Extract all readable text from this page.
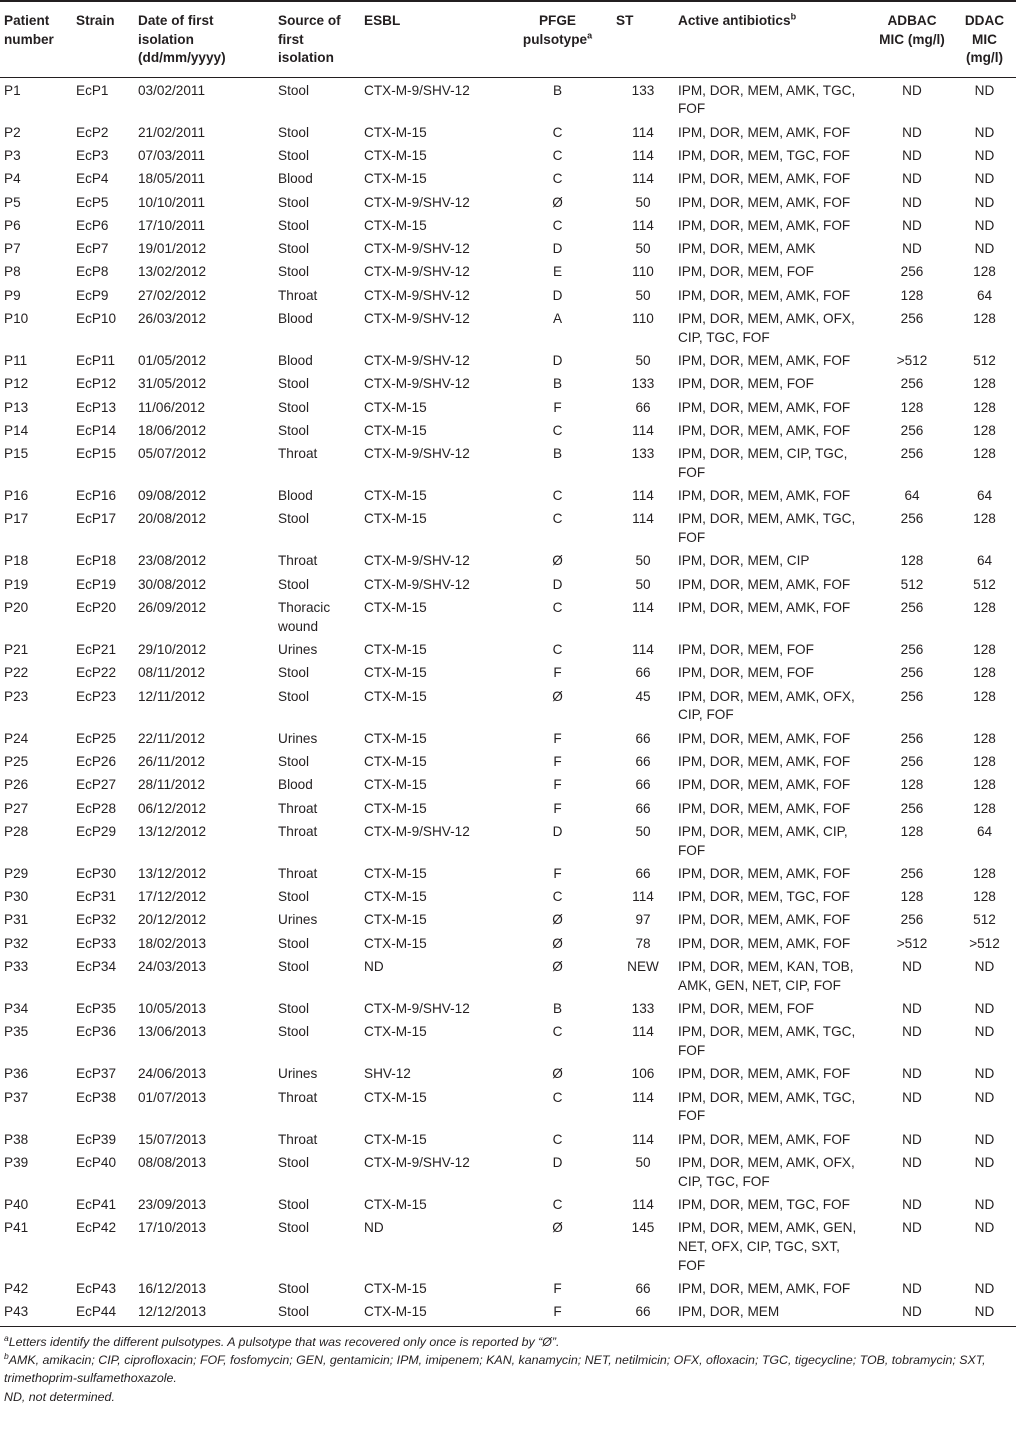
Patient number	Strain	Date of first isolation (dd/mm/yyyy)	Source of first isolation	ESBL	PFGE pulsotype$^a$	ST	Active antibiotics$^b$	ADBAC MIC (mg/l)	DDAC MIC (mg/l)
P1	EcP1	03/02/2011	Stool	CTX-M-9/SHV-12	B	133	IPM, DOR, MEM, AMK, TGC, FOF	ND	ND
P2	EcP2	21/02/2011	Stool	CTX-M-15	C	114	IPM, DOR, MEM, AMK, FOF	ND	ND
P3	EcP3	07/03/2011	Stool	CTX-M-15	C	114	IPM, DOR, MEM, TGC, FOF	ND	ND
P4	EcP4	18/05/2011	Blood	CTX-M-15	C	114	IPM, DOR, MEM, AMK, FOF	ND	ND
P5	EcP5	10/10/2011	Stool	CTX-M-9/SHV-12	Ø	50	IPM, DOR, MEM, AMK, FOF	ND	ND
P6	EcP6	17/10/2011	Stool	CTX-M-15	C	114	IPM, DOR, MEM, AMK, FOF	ND	ND
P7	EcP7	19/01/2012	Stool	CTX-M-9/SHV-12	D	50	IPM, DOR, MEM, AMK	ND	ND
P8	EcP8	13/02/2012	Stool	CTX-M-9/SHV-12	E	110	IPM, DOR, MEM, FOF	256	128
P9	EcP9	27/02/2012	Throat	CTX-M-9/SHV-12	D	50	IPM, DOR, MEM, AMK, FOF	128	64
P10	EcP10	26/03/2012	Blood	CTX-M-9/SHV-12	A	110	IPM, DOR, MEM, AMK, OFX, CIP, TGC, FOF	256	128
P11	EcP11	01/05/2012	Blood	CTX-M-9/SHV-12	D	50	IPM, DOR, MEM, AMK, FOF	>512	512
P12	EcP12	31/05/2012	Stool	CTX-M-9/SHV-12	B	133	IPM, DOR, MEM, FOF	256	128
P13	EcP13	11/06/2012	Stool	CTX-M-15	F	66	IPM, DOR, MEM, AMK, FOF	128	128
P14	EcP14	18/06/2012	Stool	CTX-M-15	C	114	IPM, DOR, MEM, AMK, FOF	256	128
P15	EcP15	05/07/2012	Throat	CTX-M-9/SHV-12	B	133	IPM, DOR, MEM, CIP, TGC, FOF	256	128
P16	EcP16	09/08/2012	Blood	CTX-M-15	C	114	IPM, DOR, MEM, AMK, FOF	64	64
P17	EcP17	20/08/2012	Stool	CTX-M-15	C	114	IPM, DOR, MEM, AMK, TGC, FOF	256	128
P18	EcP18	23/08/2012	Throat	CTX-M-9/SHV-12	Ø	50	IPM, DOR, MEM, CIP	128	64
P19	EcP19	30/08/2012	Stool	CTX-M-9/SHV-12	D	50	IPM, DOR, MEM, AMK, FOF	512	512
P20	EcP20	26/09/2012	Thoracic wound	CTX-M-15	C	114	IPM, DOR, MEM, AMK, FOF	256	128
P21	EcP21	29/10/2012	Urines	CTX-M-15	C	114	IPM, DOR, MEM, FOF	256	128
P22	EcP22	08/11/2012	Stool	CTX-M-15	F	66	IPM, DOR, MEM, FOF	256	128
P23	EcP23	12/11/2012	Stool	CTX-M-15	Ø	45	IPM, DOR, MEM, AMK, OFX, CIP, FOF	256	128
P24	EcP25	22/11/2012	Urines	CTX-M-15	F	66	IPM, DOR, MEM, AMK, FOF	256	128
P25	EcP26	26/11/2012	Stool	CTX-M-15	F	66	IPM, DOR, MEM, AMK, FOF	256	128
P26	EcP27	28/11/2012	Blood	CTX-M-15	F	66	IPM, DOR, MEM, AMK, FOF	128	128
P27	EcP28	06/12/2012	Throat	CTX-M-15	F	66	IPM, DOR, MEM, AMK, FOF	256	128
P28	EcP29	13/12/2012	Throat	CTX-M-9/SHV-12	D	50	IPM, DOR, MEM, AMK, CIP, FOF	128	64
P29	EcP30	13/12/2012	Throat	CTX-M-15	F	66	IPM, DOR, MEM, AMK, FOF	256	128
P30	EcP31	17/12/2012	Stool	CTX-M-15	C	114	IPM, DOR, MEM, TGC, FOF	128	128
P31	EcP32	20/12/2012	Urines	CTX-M-15	Ø	97	IPM, DOR, MEM, AMK, FOF	256	512
P32	EcP33	18/02/2013	Stool	CTX-M-15	Ø	78	IPM, DOR, MEM, AMK, FOF	>512	>512
P33	EcP34	24/03/2013	Stool	ND	Ø	NEW	IPM, DOR, MEM, KAN, TOB, AMK, GEN, NET, CIP, FOF	ND	ND
P34	EcP35	10/05/2013	Stool	CTX-M-9/SHV-12	B	133	IPM, DOR, MEM, FOF	ND	ND
P35	EcP36	13/06/2013	Stool	CTX-M-15	C	114	IPM, DOR, MEM, AMK, TGC, FOF	ND	ND
P36	EcP37	24/06/2013	Urines	SHV-12	Ø	106	IPM, DOR, MEM, AMK, FOF	ND	ND
P37	EcP38	01/07/2013	Throat	CTX-M-15	C	114	IPM, DOR, MEM, AMK, TGC, FOF	ND	ND
P38	EcP39	15/07/2013	Throat	CTX-M-15	C	114	IPM, DOR, MEM, AMK, FOF	ND	ND
P39	EcP40	08/08/2013	Stool	CTX-M-9/SHV-12	D	50	IPM, DOR, MEM, AMK, OFX, CIP, TGC, FOF	ND	ND
P40	EcP41	23/09/2013	Stool	CTX-M-15	C	114	IPM, DOR, MEM, TGC, FOF	ND	ND
P41	EcP42	17/10/2013	Stool	ND	Ø	145	IPM, DOR, MEM, AMK, GEN, NET, OFX, CIP, TGC, SXT, FOF	ND	ND
P42	EcP43	16/12/2013	Stool	CTX-M-15	F	66	IPM, DOR, MEM, AMK, FOF	ND	ND
P43	EcP44	12/12/2013	Stool	CTX-M-15	F	66	IPM, DOR, MEM	ND	ND

$^a$Letters identify the different pulsotypes. A pulsotype that was recovered only once is reported by “Ø”.

$^b$AMK, amikacin; CIP, ciprofloxacin; FOF, fosfomycin; GEN, gentamicin; IPM, imipenem; KAN, kanamycin; NET, netilmicin; OFX, ofloxacin; TGC, tigecycline; TOB, tobramycin; SXT, trimethoprim-sulfamethoxazole.

ND, not determined.
